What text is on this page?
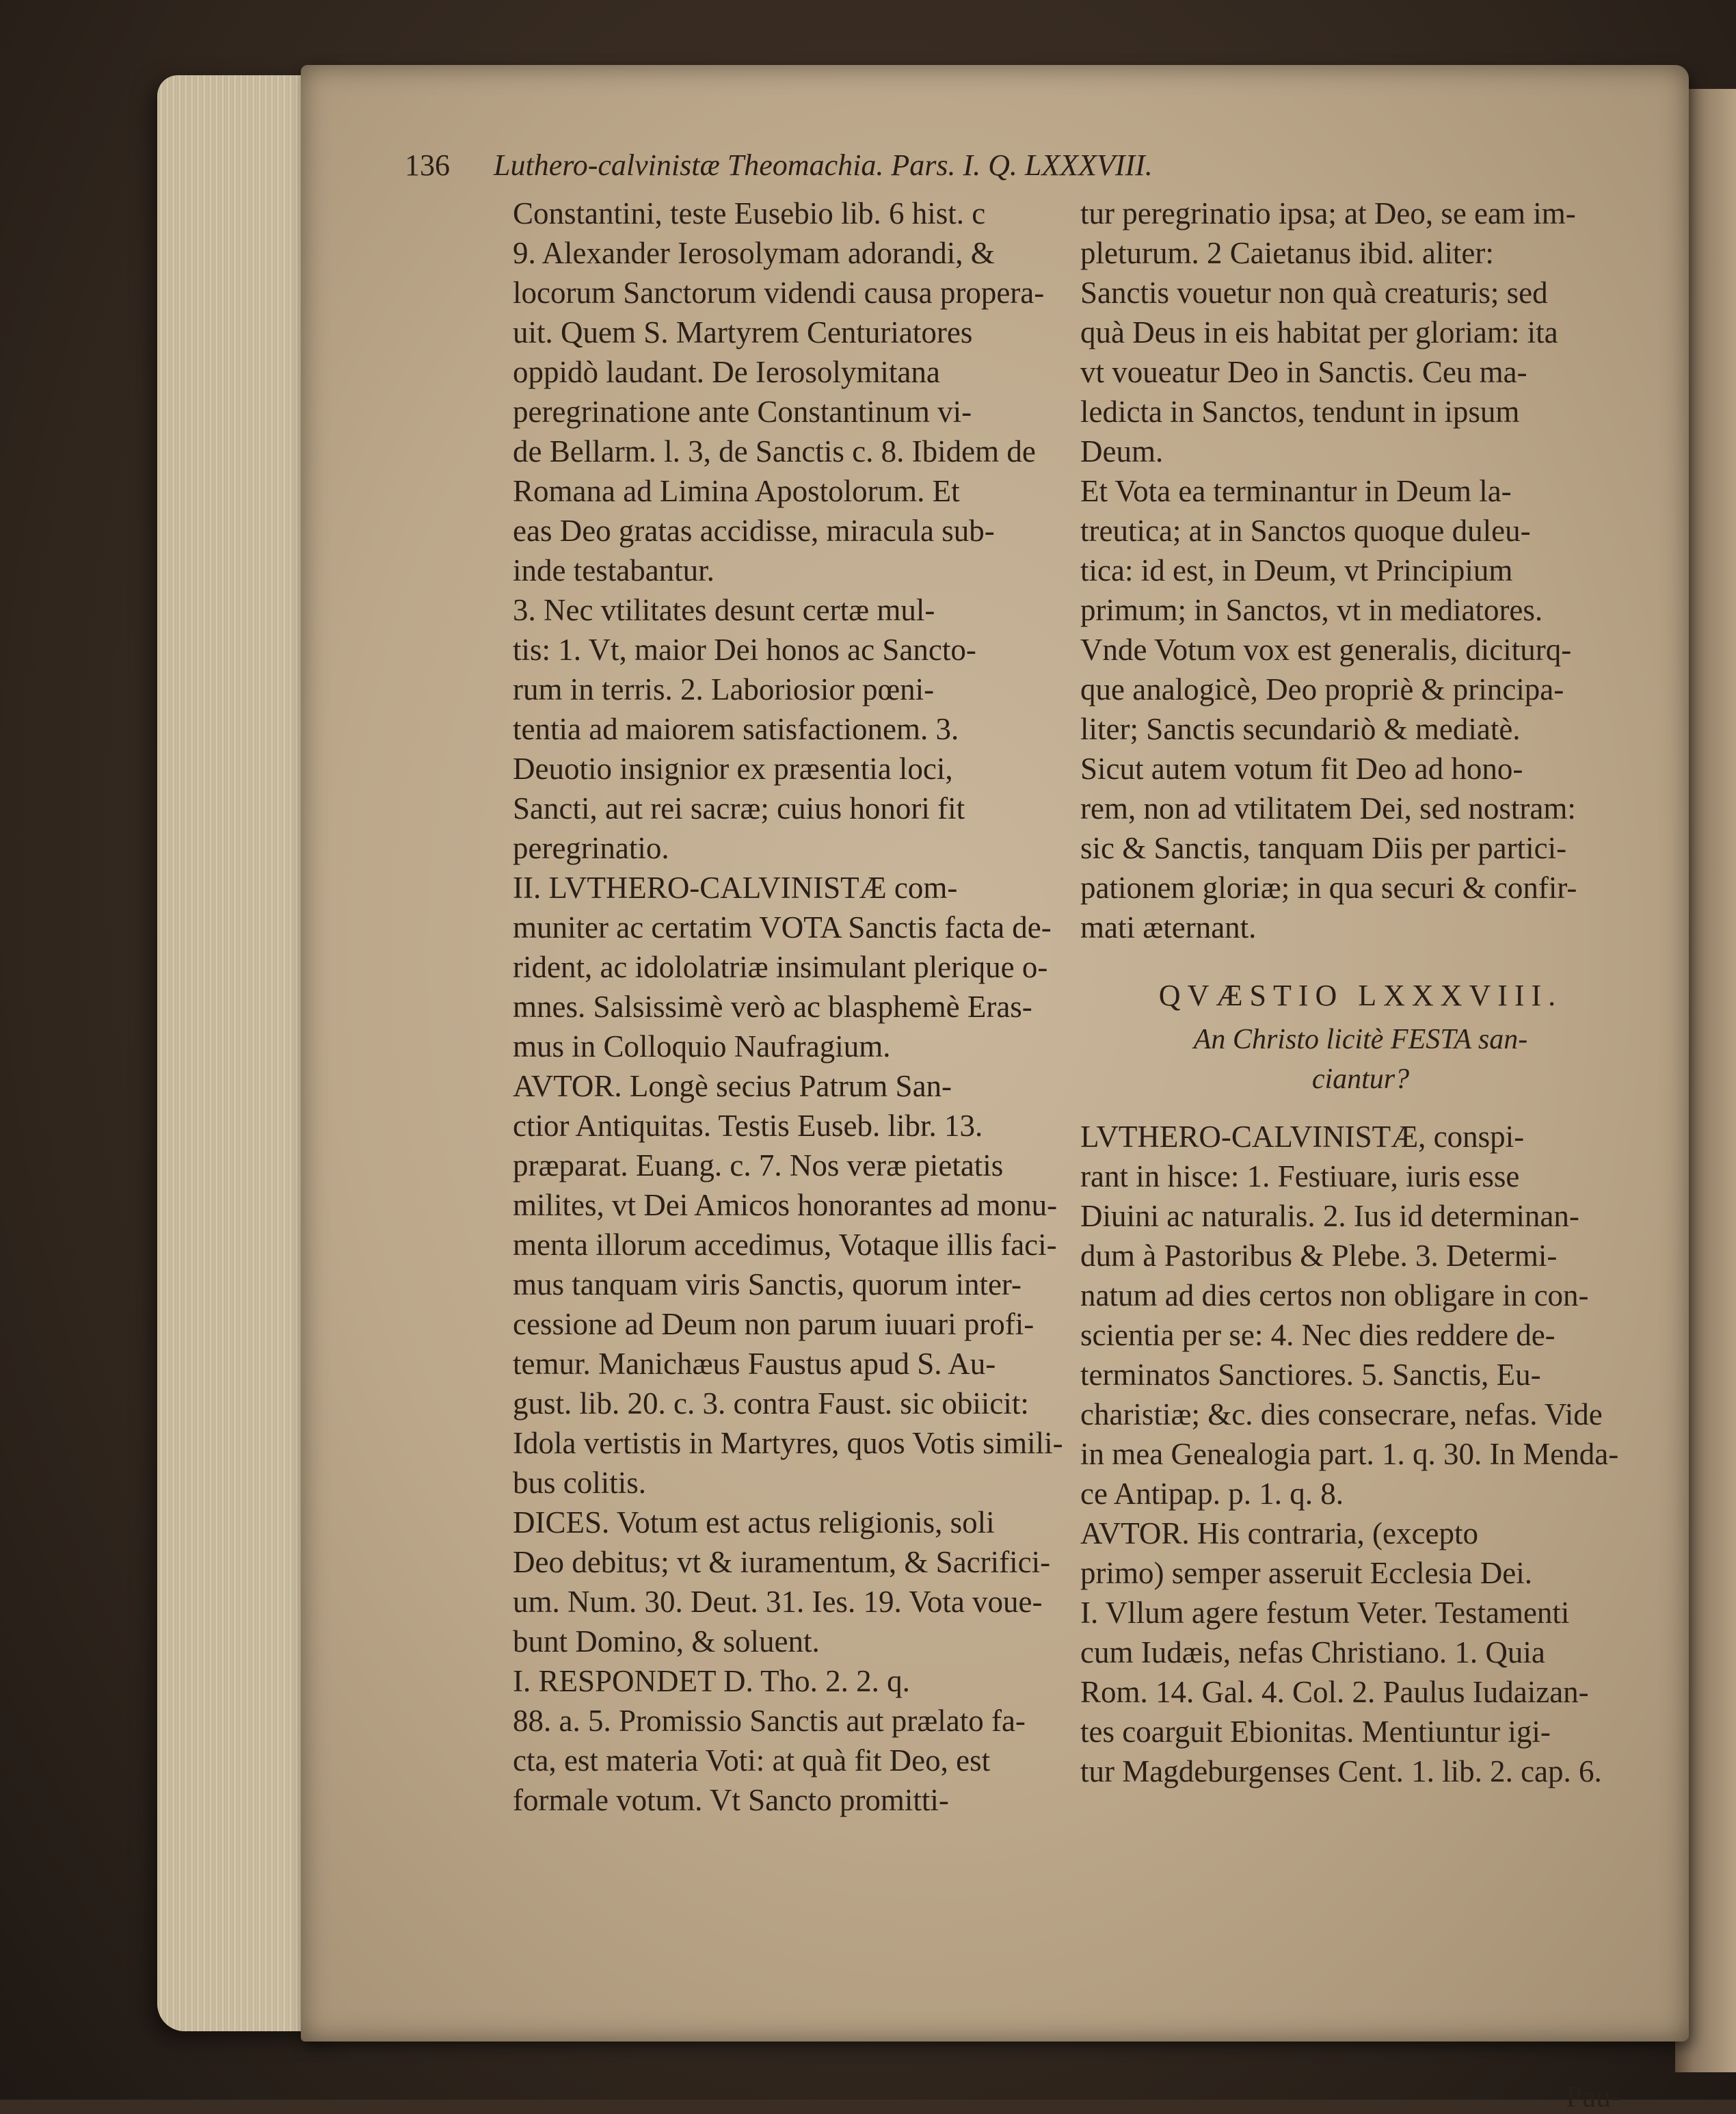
136 Luthero-calvinistæ Theomachia. Pars. I. Q. LXXXVIII.
Constantini, teste Eusebio lib. 6 hist. c
9. Alexander Ierosolymam adorandi, &
locorum Sanctorum videndi causa propera-
uit. Quem S. Martyrem Centuriatores
oppidò laudant. De Ierosolymitana
peregrinatione ante Constantinum vi-
de Bellarm. l. 3, de Sanctis c. 8. Ibidem de
Romana ad Limina Apostolorum. Et
eas Deo gratas accidisse, miracula sub-
inde testabantur.
3. Nec vtilitates desunt certæ mul-
tis: 1. Vt, maior Dei honos ac Sancto-
rum in terris. 2. Laboriosior pœni-
tentia ad maiorem satisfactionem. 3.
Deuotio insignior ex præsentia loci,
Sancti, aut rei sacræ; cuius honori fit
peregrinatio.
II. LVTHERO-CALVINISTÆ com-
muniter ac certatim VOTA Sanctis facta de-
rident, ac idololatriæ insimulant plerique o-
mnes. Salsissimè verò ac blasphemè Eras-
mus in Colloquio Naufragium.
AVTOR. Longè secius Patrum San-
ctior Antiquitas. Testis Euseb. libr. 13.
præparat. Euang. c. 7. Nos veræ pietatis
milites, vt Dei Amicos honorantes ad monu-
menta illorum accedimus, Votaque illis faci-
mus tanquam viris Sanctis, quorum inter-
cessione ad Deum non parum iuuari profi-
temur. Manichæus Faustus apud S. Au-
gust. lib. 20. c. 3. contra Faust. sic obiicit:
Idola vertistis in Martyres, quos Votis simili-
bus colitis.
DICES. Votum est actus religionis, soli
Deo debitus; vt & iuramentum, & Sacrifici-
um. Num. 30. Deut. 31. Ies. 19. Vota voue-
bunt Domino, & soluent.
I. RESPONDET D. Tho. 2. 2. q.
88. a. 5. Promissio Sanctis aut prælato fa-
cta, est materia Voti: at quà fit Deo, est
formale votum. Vt Sancto promitti-
tur peregrinatio ipsa; at Deo, se eam im-
pleturum. 2 Caietanus ibid. aliter:
Sanctis vouetur non quà creaturis; sed
quà Deus in eis habitat per gloriam: ita
vt voueatur Deo in Sanctis. Ceu ma-
ledicta in Sanctos, tendunt in ipsum
Deum.
Et Vota ea terminantur in Deum la-
treutica; at in Sanctos quoque duleu-
tica: id est, in Deum, vt Principium
primum; in Sanctos, vt in mediatores.
Vnde Votum vox est generalis, diciturq-
que analogicè, Deo propriè & principa-
liter; Sanctis secundariò & mediatè.
Sicut autem votum fit Deo ad hono-
rem, non ad vtilitatem Dei, sed nostram:
sic & Sanctis, tanquam Diis per partici-
pationem gloriæ; in qua securi & confir-
mati æternant.
QVÆSTIO LXXXVIII.
An Christo licitè FESTA san-
ciantur?
LVTHERO-CALVINISTÆ, conspi-
rant in hisce: 1. Festiuare, iuris esse
Diuini ac naturalis. 2. Ius id determinan-
dum à Pastoribus & Plebe. 3. Determi-
natum ad dies certos non obligare in con-
scientia per se: 4. Nec dies reddere de-
terminatos Sanctiores. 5. Sanctis, Eu-
charistiæ; &c. dies consecrare, nefas. Vide
in mea Genealogia part. 1. q. 30. In Menda-
ce Antipap. p. 1. q. 8.
AVTOR. His contraria, (excepto
primo) semper asseruit Ecclesia Dei.
I. Vllum agere festum Veter. Testamenti
cum Iudæis, nefas Christiano. 1. Quia
Rom. 14. Gal. 4. Col. 2. Paulus Iudaizan-
tes coarguit Ebionitas. Mentiuntur igi-
tur Magdeburgenses Cent. 1. lib. 2. cap. 6.
Pau-
